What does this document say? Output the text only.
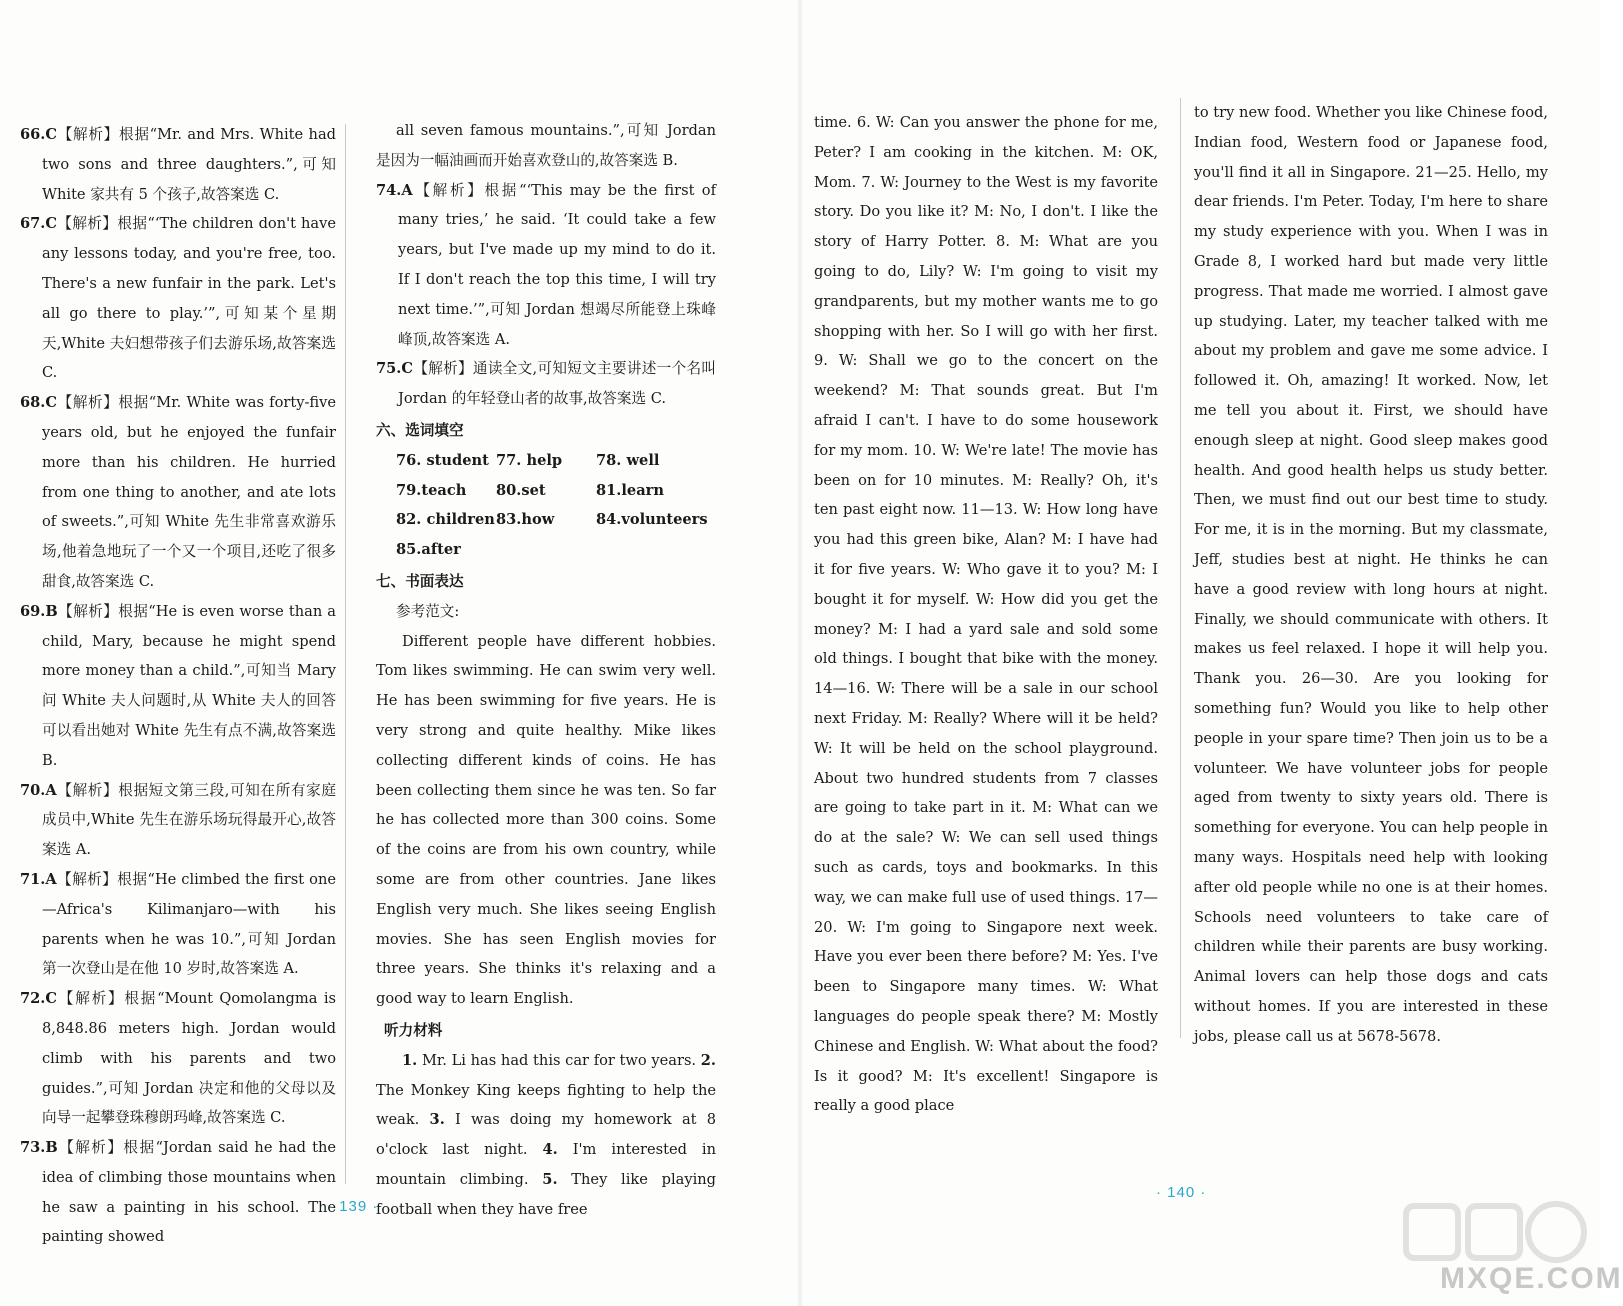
66.C【解析】根据“Mr. and Mrs. White had two sons and three daughters.”,可知 White 家共有 5 个孩子,故答案选 C.

67.C【解析】根据“‘The children don't have any lessons today, and you're free, too. There's a new funfair in the park. Let's all go there to play.’”,可知某个星期天,White 夫妇想带孩子们去游乐场,故答案选 C.

68.C【解析】根据“Mr. White was forty-five years old, but he enjoyed the funfair more than his children. He hurried from one thing to another, and ate lots of sweets.”,可知 White 先生非常喜欢游乐场,他着急地玩了一个又一个项目,还吃了很多甜食,故答案选 C.

69.B【解析】根据“He is even worse than a child, Mary, because he might spend more money than a child.”,可知当 Mary 问 White 夫人问题时,从 White 夫人的回答可以看出她对 White 先生有点不满,故答案选 B.

70.A【解析】根据短文第三段,可知在所有家庭成员中,White 先生在游乐场玩得最开心,故答案选 A.

71.A【解析】根据“He climbed the first one—Africa's Kilimanjaro—with his parents when he was 10.”,可知 Jordan 第一次登山是在他 10 岁时,故答案选 A.

72.C【解析】根据“Mount Qomolangma is 8,848.86 meters high. Jordan would climb with his parents and two guides.”,可知 Jordan 决定和他的父母以及向导一起攀登珠穆朗玛峰,故答案选 C.

73.B【解析】根据“Jordan said he had the idea of climbing those mountains when he saw a painting in his school. The painting showed

all seven famous mountains.”,可知 Jordan 是因为一幅油画而开始喜欢登山的,故答案选 B.

74.A【解析】根据“‘This may be the first of many tries,’ he said. ‘It could take a few years, but I've made up my mind to do it. If I don't reach the top this time, I will try next time.’”,可知 Jordan 想竭尽所能登上珠峰峰顶,故答案选 A.

75.C【解析】通读全文,可知短文主要讲述一个名叫 Jordan 的年轻登山者的故事,故答案选 C.

六、选词填空

76. student 77. help	78. well
79.teach	80.set	81.learn
82. children 83.how	84.volunteers
85.after

七、书面表达

参考范文:

Different people have different hobbies. Tom likes swimming. He can swim very well. He has been swimming for five years. He is very strong and quite healthy. Mike likes collecting different kinds of coins. He has been collecting them since he was ten. So far he has collected more than 300 coins. Some of the coins are from his own country, while some are from other countries. Jane likes English very much. She likes seeing English movies. She has seen English movies for three years. She thinks it's relaxing and a good way to learn English.

听力材料

1. Mr. Li has had this car for two years. 2. The Monkey King keeps fighting to help the weak. 3. I was doing my homework at 8 o'clock last night. 4. I'm interested in mountain climbing. 5. They like playing football when they have free

· 139 ·

time. 6. W: Can you answer the phone for me, Peter? I am cooking in the kitchen. M: OK, Mom. 7. W: Journey to the West is my favorite story. Do you like it? M: No, I don't. I like the story of Harry Potter. 8. M: What are you going to do, Lily? W: I'm going to visit my grandparents, but my mother wants me to go shopping with her. So I will go with her first. 9. W: Shall we go to the concert on the weekend? M: That sounds great. But I'm afraid I can't. I have to do some housework for my mom. 10. W: We're late! The movie has been on for 10 minutes. M: Really? Oh, it's ten past eight now. 11—13. W: How long have you had this green bike, Alan? M: I have had it for five years. W: Who gave it to you? M: I bought it for myself. W: How did you get the money? M: I had a yard sale and sold some old things. I bought that bike with the money. 14—16. W: There will be a sale in our school next Friday. M: Really? Where will it be held? W: It will be held on the school playground. About two hundred students from 7 classes are going to take part in it. M: What can we do at the sale? W: We can sell used things such as cards, toys and bookmarks. In this way, we can make full use of used things. 17—20. W: I'm going to Singapore next week. Have you ever been there before? M: Yes. I've been to Singapore many times. W: What languages do people speak there? M: Mostly Chinese and English. W: What about the food? Is it good? M: It's excellent! Singapore is really a good place

to try new food. Whether you like Chinese food, Indian food, Western food or Japanese food, you'll find it all in Singapore. 21—25. Hello, my dear friends. I'm Peter. Today, I'm here to share my study experience with you. When I was in Grade 8, I worked hard but made very little progress. That made me worried. I almost gave up studying. Later, my teacher talked with me about my problem and gave me some advice. I followed it. Oh, amazing! It worked. Now, let me tell you about it. First, we should have enough sleep at night. Good sleep makes good health. And good health helps us study better. Then, we must find out our best time to study. For me, it is in the morning. But my classmate, Jeff, studies best at night. He thinks he can have a good review with long hours at night. Finally, we should communicate with others. It makes us feel relaxed. I hope it will help you. Thank you. 26—30. Are you looking for something fun? Would you like to help other people in your spare time? Then join us to be a volunteer. We have volunteer jobs for people aged from twenty to sixty years old. There is something for everyone. You can help people in many ways. Hospitals need help with looking after old people while no one is at their homes. Schools need volunteers to take care of children while their parents are busy working. Animal lovers can help those dogs and cats without homes. If you are interested in these jobs, please call us at 5678-5678.

· 140 ·
MXQE.COM
